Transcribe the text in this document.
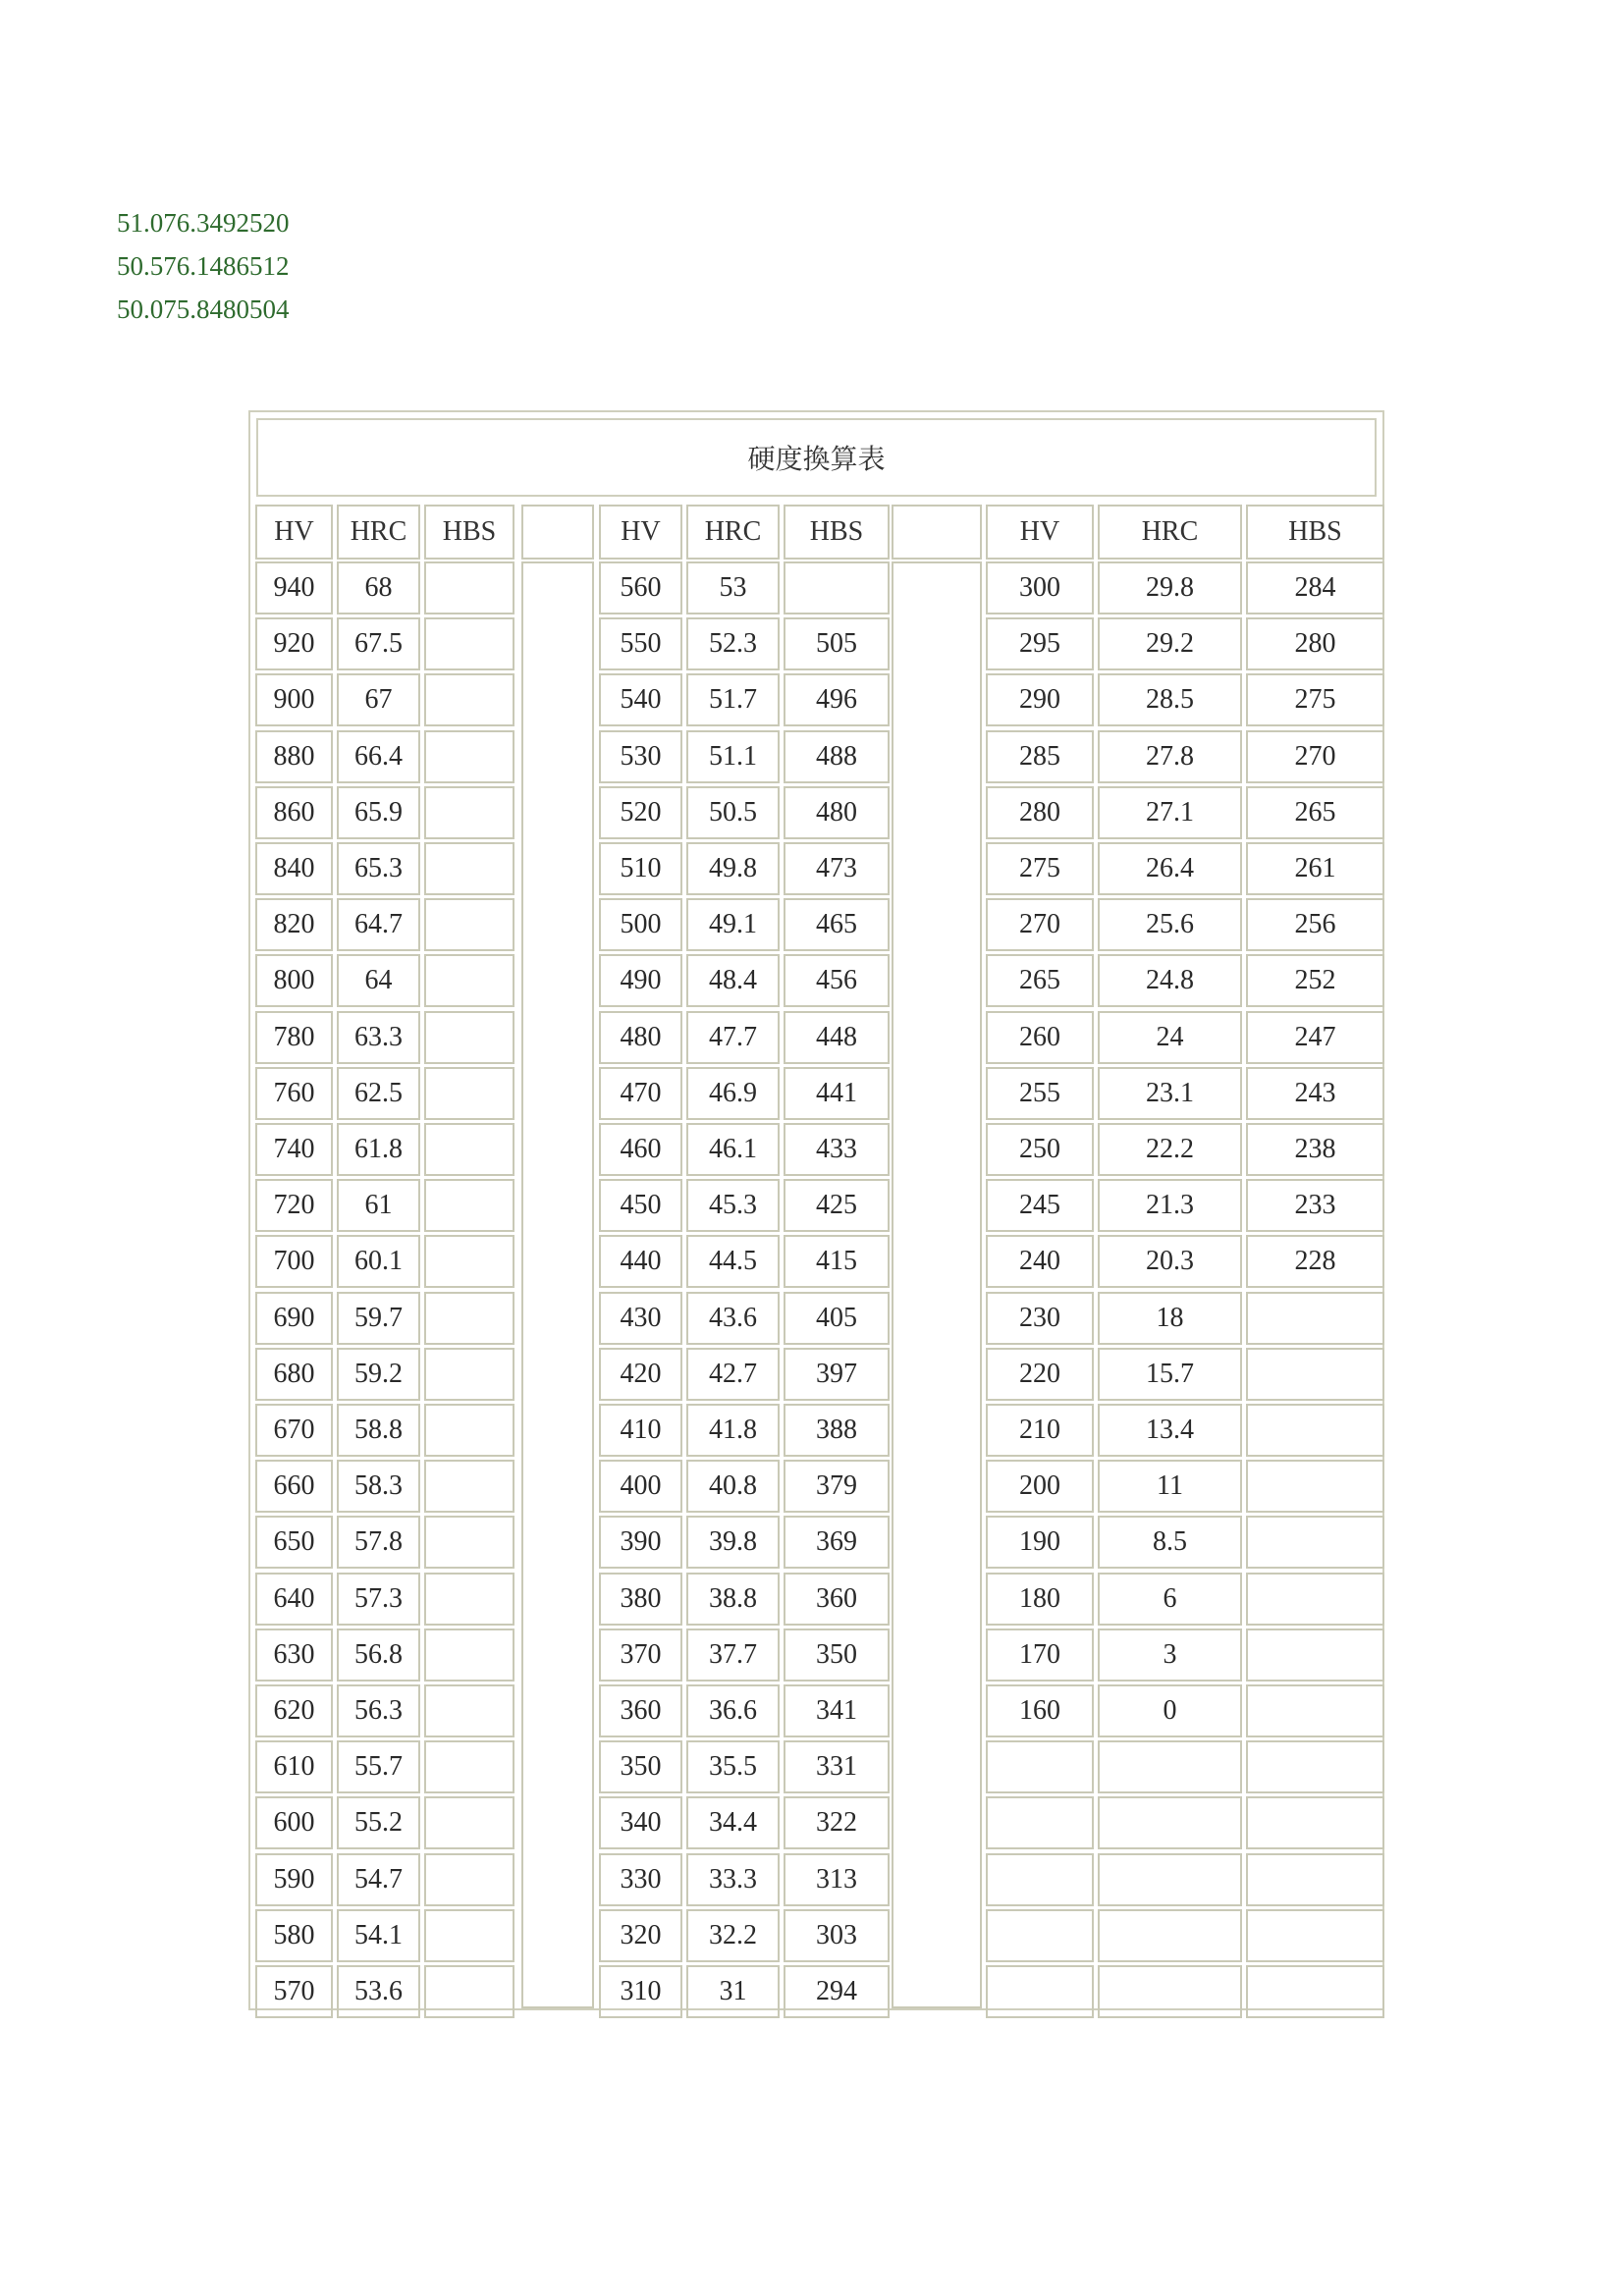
51.076.3492520
50.576.1486512
50.075.8480504
硬度換算表
HV	HRC	HBS
940	68
920	67.5
900	67
880	66.4
860	65.9
840	65.3
820	64.7
800	64
780	63.3
760	62.5
740	61.8
720	61
700	60.1
690	59.7
680	59.2
670	58.8
660	58.3
650	57.8
640	57.3
630	56.8
620	56.3
610	55.7
600	55.2
590	54.7
580	54.1
570	53.6
HV	HRC	HBS
560	53
550	52.3	505
540	51.7	496
530	51.1	488
520	50.5	480
510	49.8	473
500	49.1	465
490	48.4	456
480	47.7	448
470	46.9	441
460	46.1	433
450	45.3	425
440	44.5	415
430	43.6	405
420	42.7	397
410	41.8	388
400	40.8	379
390	39.8	369
380	38.8	360
370	37.7	350
360	36.6	341
350	35.5	331
340	34.4	322
330	33.3	313
320	32.2	303
310	31	294
HV	HRC	HBS
300	29.8	284
295	29.2	280
290	28.5	275
285	27.8	270
280	27.1	265
275	26.4	261
270	25.6	256
265	24.8	252
260	24	247
255	23.1	243
250	22.2	238
245	21.3	233
240	20.3	228
230	18
220	15.7
210	13.4
200	11
190	8.5
180	6
170	3
160	0
